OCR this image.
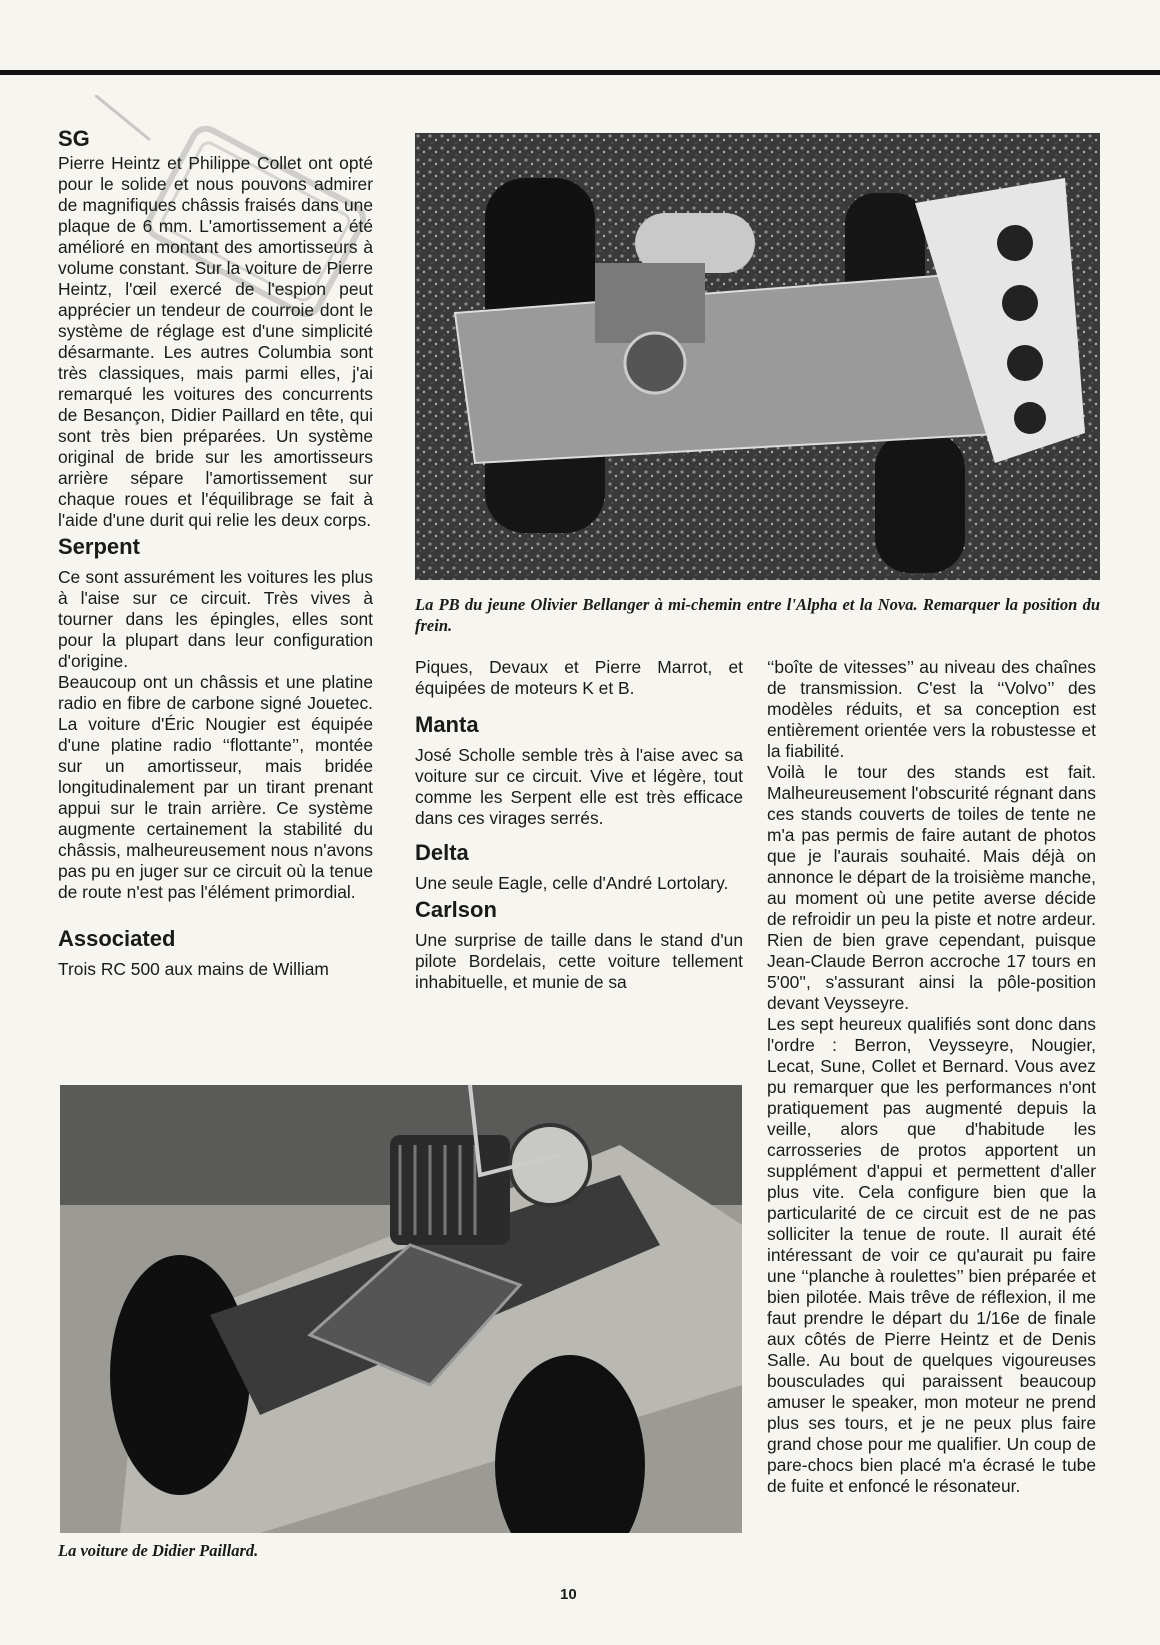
SG

Pierre Heintz et Philippe Collet ont opté pour le solide et nous pouvons admirer de magnifiques châssis fraisés dans une plaque de 6 mm. L'amortissement a été amélioré en montant des amortisseurs à volume constant. Sur la voiture de Pierre Heintz, l'œil exercé de l'espion peut apprécier un tendeur de courroie dont le système de réglage est d'une simplicité désarmante. Les autres Columbia sont très classiques, mais parmi elles, j'ai remarqué les voitures des concurrents de Besançon, Didier Paillard en tête, qui sont très bien préparées. Un système original de bride sur les amortisseurs arrière sépare l'amortissement sur chaque roues et l'équilibrage se fait à l'aide d'une durit qui relie les deux corps.

Serpent

Ce sont assurément les voitures les plus à l'aise sur ce circuit. Très vives à tourner dans les épingles, elles sont pour la plupart dans leur configuration d'origine.

Beaucoup ont un châssis et une platine radio en fibre de carbone signé Jouetec. La voiture d'Éric Nougier est équipée d'une platine radio ‘‘flottante’’, montée sur un amortisseur, mais bridée longitudinalement par un tirant prenant appui sur le train arrière. Ce système augmente certainement la stabilité du châssis, malheureusement nous n'avons pas pu en juger sur ce circuit où la tenue de route n'est pas l'élément primordial.

Associated

Trois RC 500 aux mains de William

La PB du jeune Olivier Bellanger à mi-chemin entre l'Alpha et la Nova. Remarquer la position du frein.

Piques, Devaux et Pierre Marrot, et équipées de moteurs K et B.

Manta

José Scholle semble très à l'aise avec sa voiture sur ce circuit. Vive et légère, tout comme les Serpent elle est très efficace dans ces virages serrés.

Delta

Une seule Eagle, celle d'André Lortolary.

Carlson

Une surprise de taille dans le stand d'un pilote Bordelais, cette voiture tellement inhabituelle, et munie de sa

‘‘boîte de vitesses’’ au niveau des chaînes de transmission. C'est la ‘‘Volvo’’ des modèles réduits, et sa conception est entièrement orientée vers la robustesse et la fiabilité.

Voilà le tour des stands est fait. Malheureusement l'obscurité régnant dans ces stands couverts de toiles de tente ne m'a pas permis de faire autant de photos que je l'aurais souhaité. Mais déjà on annonce le départ de la troisième manche, au moment où une petite averse décide de refroidir un peu la piste et notre ardeur. Rien de bien grave cependant, puisque Jean-Claude Berron accroche 17 tours en 5'00'', s'assurant ainsi la pôle-position devant Veysseyre.

Les sept heureux qualifiés sont donc dans l'ordre : Berron, Veysseyre, Nougier, Lecat, Sune, Collet et Bernard. Vous avez pu remarquer que les performances n'ont pratiquement pas augmenté depuis la veille, alors que d'habitude les carrosseries de protos apportent un supplément d'appui et permettent d'aller plus vite. Cela configure bien que la particularité de ce circuit est de ne pas solliciter la tenue de route. Il aurait été intéressant de voir ce qu'aurait pu faire une ‘‘planche à roulettes’’ bien préparée et bien pilotée. Mais trêve de réflexion, il me faut prendre le départ du 1/16e de finale aux côtés de Pierre Heintz et de Denis Salle. Au bout de quelques vigoureuses bousculades qui paraissent beaucoup amuser le speaker, mon moteur ne prend plus ses tours, et je ne peux plus faire grand chose pour me qualifier. Un coup de pare-chocs bien placé m'a écrasé le tube de fuite et enfoncé le résonateur.

La voiture de Didier Paillard.
10
